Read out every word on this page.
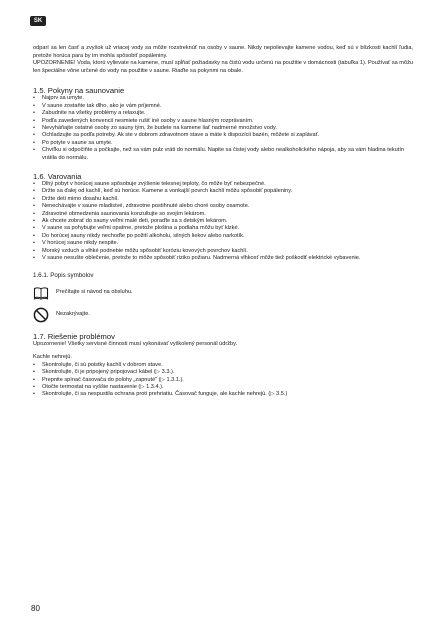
SK

odparí sa len časť a zvyšok už vriacej vody sa môže rozstreknúť na osoby v saune. Nikdy nepolievajte kamene vodou, keď sú v blízkosti kachlí ľudia, pretože horúca para by im mohla spôsobiť popáleniny.

UPOZORNENIE! Voda, ktorú vylievate na kamene, musí spĺňať požiadavky na čistú vodu určenú na použitie v domácnosti (tabuľka 1). Používať sa môžu len špeciálne vône určené do vody na použitie v saune. Riaďte sa pokynmi na obale.

1.5. Pokyny na saunovanie
• Najprv sa umyte.
• V saune zostaňte tak dlho, ako je vám príjemné.
• Zabudnite na všetky problémy a relaxujte.
• Podľa zavedených konvencií nesmiete rušiť iné osoby v saune hlasným rozprávaním.
• Nevyháňajte ostatné osoby zo sauny tým, že budete na kamene liať nadmerné množstvo vody.
• Ochladzujte sa podľa potreby. Ak ste v dobrom zdravotnom stave a máte k dispozícii bazén, môžete si zaplávať.
• Po potyte v saune sa umyte.
• Chvíľku si odpočiňte a počkajte, než sa vám pulz vráti do normálu. Napite sa čistej vody alebo nealkoholického nápoja, aby sa vám hladina tekutín vrátila do normálu.
1.6. Varovania
• Dlhý pobyt v horúcej saune spôsobuje zvýšenie telesnej teploty, čo môže byť nebezpečné.
• Držte sa ďalej od kachlí, keď sú horúce. Kamene a vonkajší povrch kachlí môžu spôsobiť popáleniny.
• Držte deti mimo dosahu kachlí.
• Nenechávajte v saune mladistvé, zdravotne postihnuté alebo choré osoby osamote.
• Zdravotné obmedzenia saunovania konzultujte so svojím lekárom.
• Ak chcete zobrať do sauny veľmi malé deti, poraďte sa s detským lekárom.
• V saune sa pohybujte veľmi opatrne, pretože plošina a podlaha môžu byť klzké.
• Do horúcej sauny nikdy nechoďte po požití alkoholu, silných liekov alebo narkotík.
• V horúcej saune nikdy nespite.
• Morský vzduch a vlhké podnebie môžu spôsobiť koróziu kovových povrchov kachlí.
• V saune nesušte oblečenie, pretože to môže spôsobiť riziko požiaru. Nadmerná vlhkosť môže tiež poškodiť elektrické vybavenie.
1.6.1. Popis symbolov
Prečítajte si návod na obsluhu.
Nezakrývajte.
1.7. Riešenie problémov

Upozornenie! Všetky servisné činnosti musí vykonávať vyškolený personál údržby.

Kachle nehrejú.

• Skontrolujte, či sú poistky kachlí v dobrom stave.
• Skontrolujte, či je pripojený pripojovací kábel (▷ 3.3.).
• Prepnite spínač časovača do polohy „zapnuté" (▷ 1.3.1.).
• Otočte termostat na vyššie nastavenie (▷ 1.3.4.).
• Skontrolujte, či sa nespustila ochrana proti prehriatiu. Časovač funguje, ale kachle nehrejú. (▷ 3.5.)
80
